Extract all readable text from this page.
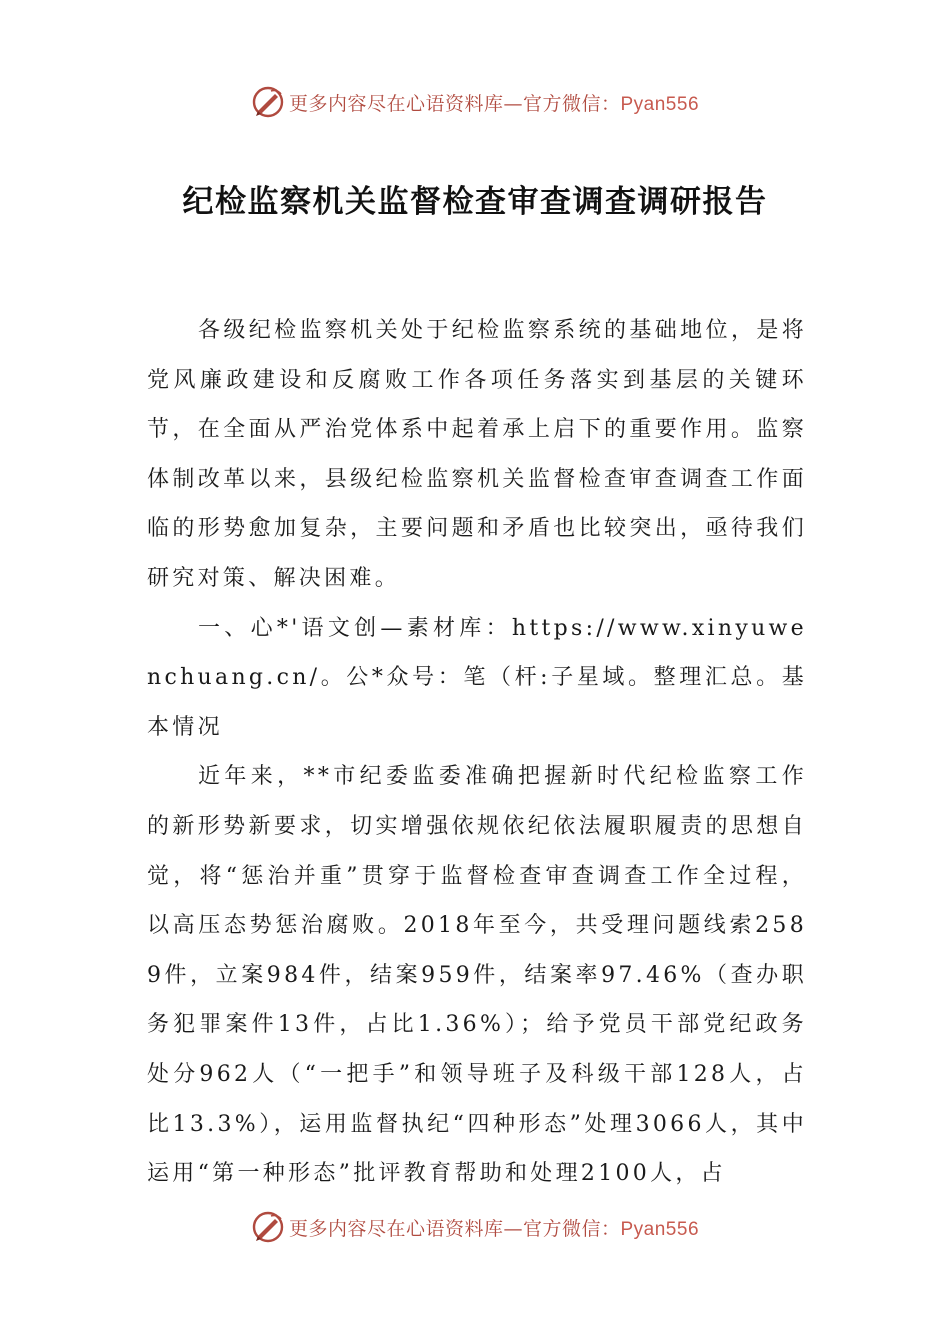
更多内容尽在心语资料库—官方微信：Pyan556
纪检监察机关监督检查审查调查调研报告

各级纪检监察机关处于纪检监察系统的基础地位，是将党风廉政建设和反腐败工作各项任务落实到基层的关键环节，在全面从严治党体系中起着承上启下的重要作用。监察体制改革以来，县级纪检监察机关监督检查审查调查工作面临的形势愈加复杂，主要问题和矛盾也比较突出，亟待我们研究对策、解决困难。

一、心*'语文创—素材库：https://www.xinyuwenchuang.cn/。公*众号：笔（杆:子星域。整理汇总。基本情况

近年来，**市纪委监委准确把握新时代纪检监察工作的新形势新要求，切实增强依规依纪依法履职履责的思想自觉，将“惩治并重”贯穿于监督检查审查调查工作全过程，以高压态势惩治腐败。2018年至今，共受理问题线索2589件，立案984件，结案959件，结案率97.46%（查办职务犯罪案件13件，占比1.36%）；给予党员干部党纪政务处分962人（“一把手”和领导班子及科级干部128人，占比13.3%），运用监督执纪“四种形态”处理3066人，其中运用“第一种形态”批评教育帮助和处理2100人，占

更多内容尽在心语资料库—官方微信：Pyan556
